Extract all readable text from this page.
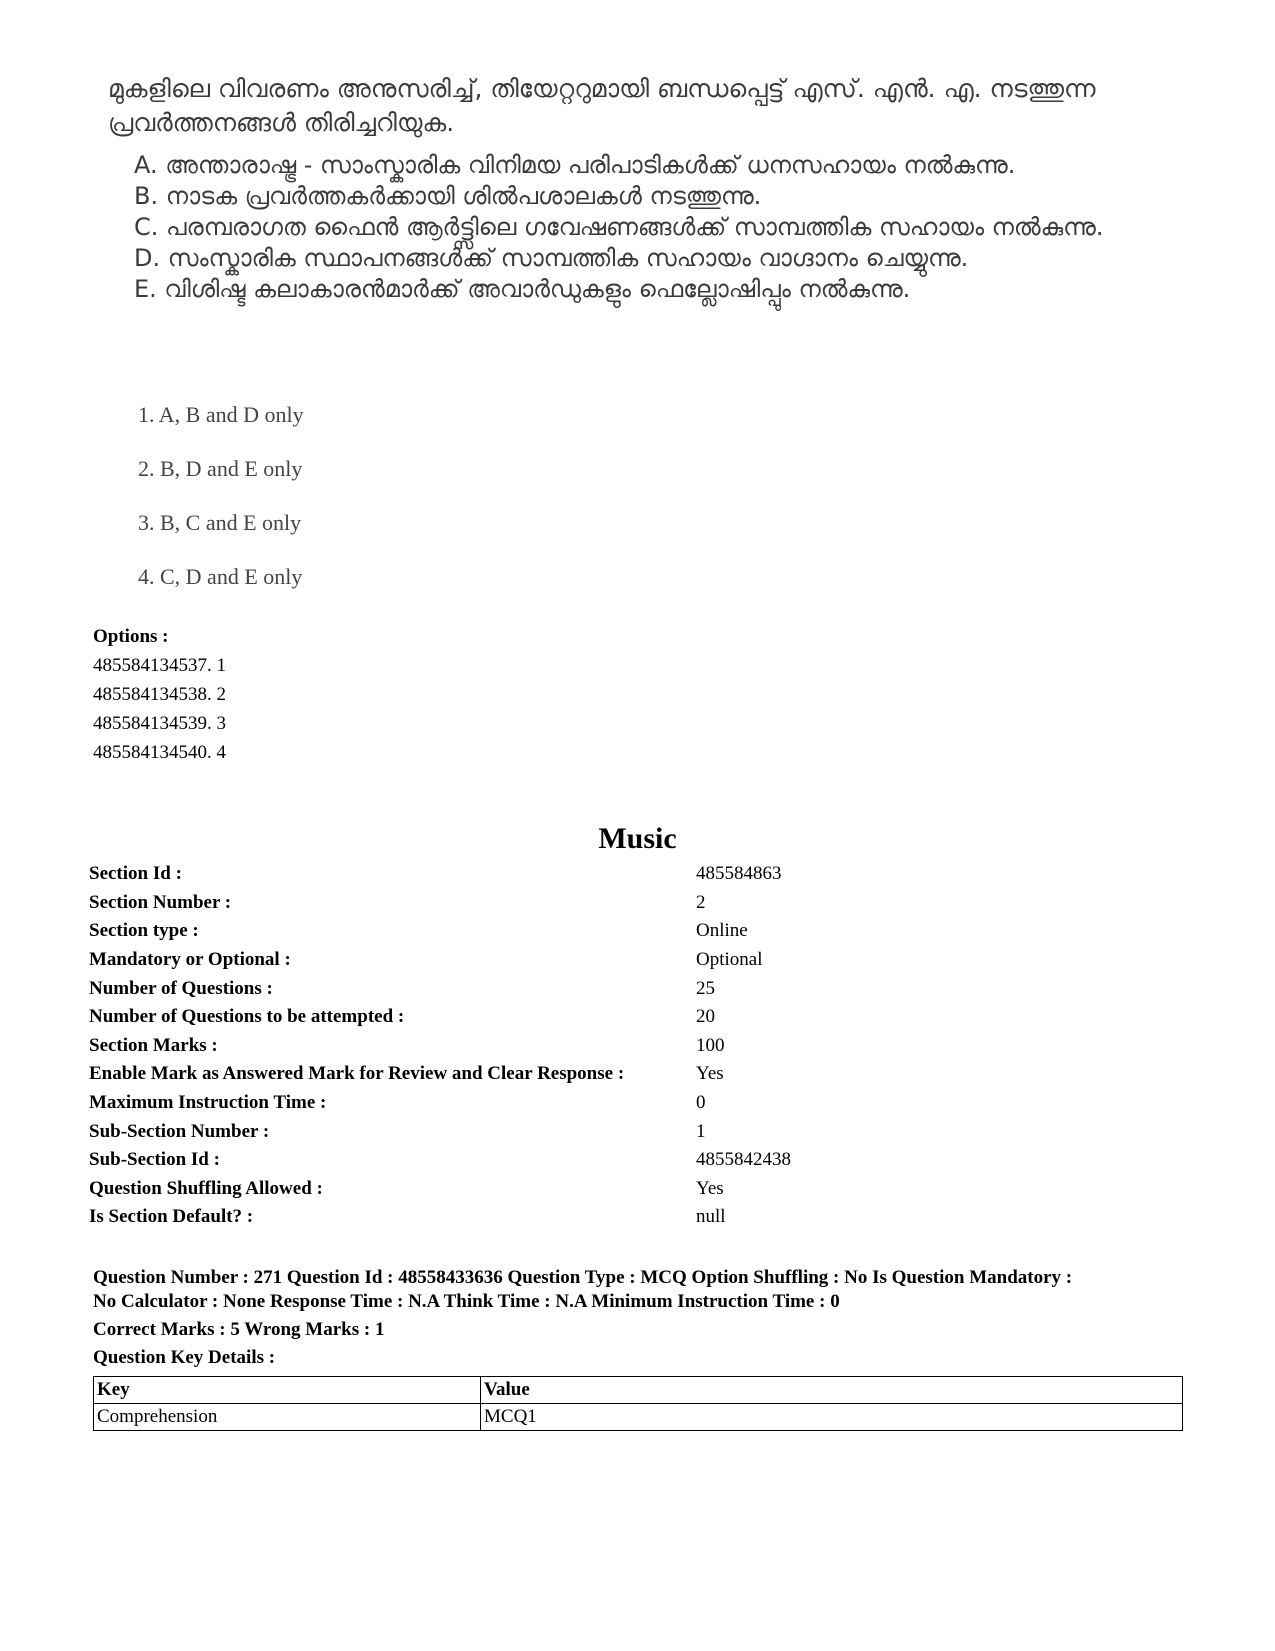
മുകളിലെ വിവരണം അനുസരിച്ച്, തിയേറ്ററുമായി ബന്ധപ്പെട്ട് എസ്. എൻ. എ. നടത്തുന്ന പ്രവർത്തനങ്ങൾ തിരിച്ചറിയുക.

A. അന്താരാഷ്ട്ര - സാംസ്കാരിക വിനിമയ പരിപാടികൾക്ക് ധനസഹായം നൽകുന്നു.
B. നാടക പ്രവർത്തകർക്കായി ശിൽപശാലകൾ നടത്തുന്നു.
C. പരമ്പരാഗത ഫൈൻ ആർട്ട്സിലെ ഗവേഷണങ്ങൾക്ക് സാമ്പത്തിക സഹായം നൽകുന്നു.
D. സംസ്കാരിക സ്ഥാപനങ്ങൾക്ക് സാമ്പത്തിക സഹായം വാഗ്ദാനം ചെയ്യുന്നു.
E. വിശിഷ്ട കലാകാരൻമാർക്ക് അവാർഡുകളും ഫെല്ലോഷിപ്പും നൽകുന്നു.
1. A, B and D only
2. B, D and E only
3. B, C and E only
4. C, D and E only
Options :
485584134537. 1
485584134538. 2
485584134539. 3
485584134540. 4
Music
Section Id :	485584863
Section Number :	2
Section type :	Online
Mandatory or Optional :	Optional
Number of Questions :	25
Number of Questions to be attempted :	20
Section Marks :	100
Enable Mark as Answered Mark for Review and Clear Response :	Yes
Maximum Instruction Time :	0
Sub-Section Number :	1
Sub-Section Id :	4855842438
Question Shuffling Allowed :	Yes
Is Section Default? :	null
Question Number : 271 Question Id : 48558433636 Question Type : MCQ Option Shuffling : No Is Question Mandatory :
No Calculator : None Response Time : N.A Think Time : N.A Minimum Instruction Time : 0
Correct Marks : 5 Wrong Marks : 1
Question Key Details :
Key	Value
Comprehension	MCQ1
